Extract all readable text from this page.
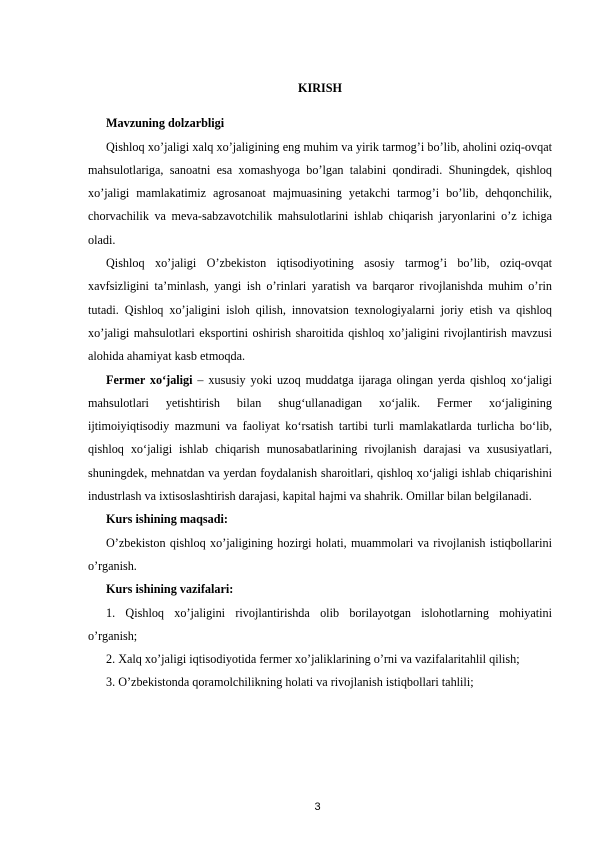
KIRISH

Mavzuning dolzarbligi

Qishloq xo’jaligi xalq xo’jaligining eng muhim va yirik tarmog’i bo’lib, aholini oziq-ovqat mahsulotlariga, sanoatni esa xomashyoga bo’lgan talabini qondiradi. Shuningdek, qishloq xo’jaligi mamlakatimiz agrosanoat majmuasining yetakchi tarmog’i bo’lib, dehqonchilik, chorvachilik va meva-sabzavotchilik mahsulotlarini ishlab chiqarish jaryonlarini o’z ichiga oladi.

Qishloq xo’jaligi O’zbekiston iqtisodiyotining asosiy tarmog’i bo’lib, oziq-ovqat xavfsizligini ta’minlash, yangi ish o’rinlari yaratish va barqaror rivojlanishda muhim o’rin tutadi. Qishloq xo’jaligini isloh qilish, innovatsion texnologiyalarni joriy etish va qishloq xo’jaligi mahsulotlari eksportini oshirish sharoitida qishloq xo’jaligini rivojlantirish mavzusi alohida ahamiyat kasb etmoqda.

Fermer xo‘jaligi – xususiy yoki uzoq muddatga ijaraga olingan yerda qishloq xo‘jaligi mahsulotlari yetishtirish bilan shug‘ullanadigan xo‘jalik. Fermer xo‘jaligining ijtimoiyiqtisodiy mazmuni va faoliyat ko‘rsatish tartibi turli mamlakatlarda turlicha bo‘lib, qishloq xo‘jaligi ishlab chiqarish munosabatlarining rivojlanish darajasi va xususiyatlari, shuningdek, mehnatdan va yerdan foydalanish sharoitlari, qishloq xo‘jaligi ishlab chiqarishini industrlash va ixtisoslashtirish darajasi, kapital hajmi va shahrik. Omillar bilan belgilanadi.

Kurs ishining maqsadi:

O’zbekiston qishloq xo’jaligining hozirgi holati, muammolari va rivojlanish istiqbollarini o’rganish.

Kurs ishining vazifalari:

1. Qishloq xo’jaligini rivojlantirishda olib borilayotgan islohotlarning mohiyatini o’rganish;

2. Xalq xo’jaligi iqtisodiyotida fermer xo’jaliklarining o’rni va vazifalaritahlil qilish;

3. O’zbekistonda qoramolchilikning holati va rivojlanish istiqbollari tahlili;

3
